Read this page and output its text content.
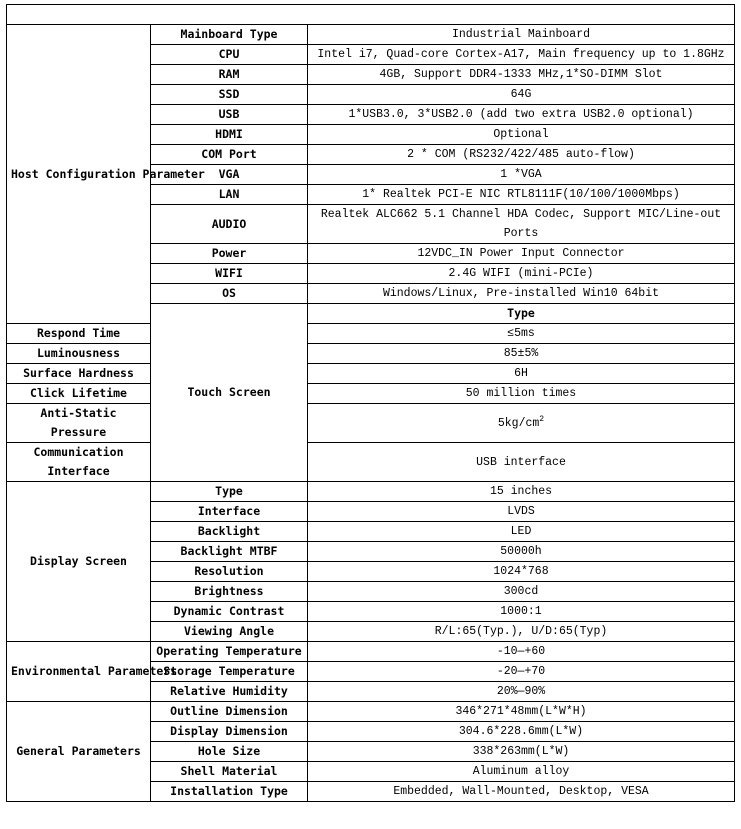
Host Configuration Parameter	Mainboard Type	Industrial Mainboard	
	CPU	Intel i7, Quad-core Cortex-A17, Main frequency up to 1.8GHz	
	RAM	4GB, Support DDR4-1333 MHz,1*SO-DIMM Slot	
	SSD	64G	
	USB	1*USB3.0, 3*USB2.0 (add two extra USB2.0 optional)	
	HDMI	Optional	
	COM Port	2 * COM (RS232/422/485 auto-flow)	
	VGA	1 *VGA	
	LAN	1* Realtek PCI-E NIC RTL8111F(10/100/1000Mbps)	
	AUDIO	Realtek ALC662 5.1 Channel HDA Codec, Support MIC/Line-out Ports	
	Power	12VDC_IN Power Input Connector	
	WIFI	2.4G WIFI (mini-PCIe)	
	OS	Windows/Linux, Pre-installed Win10 64bit	
	Touch Screen	Type	
Respond Time		≤5ms	
Luminousness		85±5%	
Surface Hardness		6H	
Click Lifetime		50 million times	
Anti-Static Pressure		$5kg/cm^2$
Communication Interface		USB interface	
Display Screen	Type	15 inches	
	Interface	LVDS	
	Backlight	LED	
	Backlight MTBF	50000h	
	Resolution	1024*768	
	Brightness	300cd	
	Dynamic Contrast	1000:1	
	Viewing Angle	R/L:65(Typ.), U/D:65(Typ)	
Environmental Parameters	Operating Temperature	-10—+60	
	Storage Temperature	-20—+70	
	Relative Humidity	20%—90%	
General Parameters	Outline Dimension	346*271*48mm(L*W*H)	
	Display Dimension	304.6*228.6mm(L*W)	
	Hole Size	338*263mm(L*W)	
	Shell Material	Aluminum alloy	
	Installation Type	Embedded, Wall-Mounted, Desktop, VESA	
